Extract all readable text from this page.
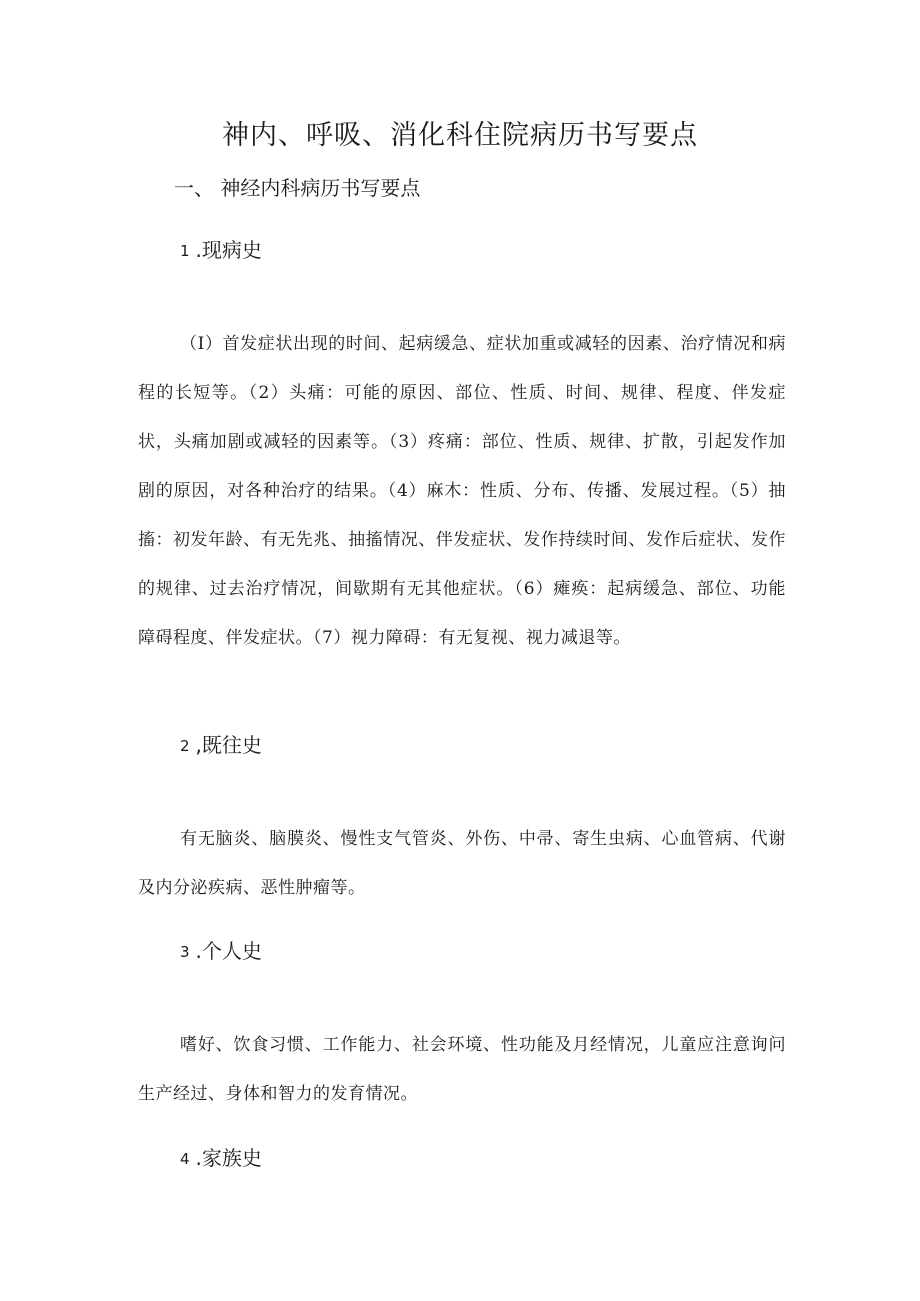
神内、呼吸、消化科住院病历书写要点
一、 神经内科病历书写要点
1 .现病史

（I）首发症状出现的时间、起病缓急、症状加重或减轻的因素、治疗情况和病程的长短等。（2）头痛：可能的原因、部位、性质、时间、规律、程度、伴发症状，头痛加剧或减轻的因素等。（3）疼痛：部位、性质、规律、扩散，引起发作加剧的原因，对各种治疗的结果。（4）麻木：性质、分布、传播、发展过程。（5）抽搐：初发年龄、有无先兆、抽搐情况、伴发症状、发作持续时间、发作后症状、发作的规律、过去治疗情况，间歇期有无其他症状。（6）瘫痪：起病缓急、部位、功能障碍程度、伴发症状。（7）视力障碍：有无复视、视力减退等。

2 ,既往史

有无脑炎、脑膜炎、慢性支气管炎、外伤、中帚、寄生虫病、心血管病、代谢及内分泌疾病、恶性肿瘤等。

3 .个人史

嗜好、饮食习惯、工作能力、社会环境、性功能及月经情况，儿童应注意询问生产经过、身体和智力的发育情况。

4 .家族史
